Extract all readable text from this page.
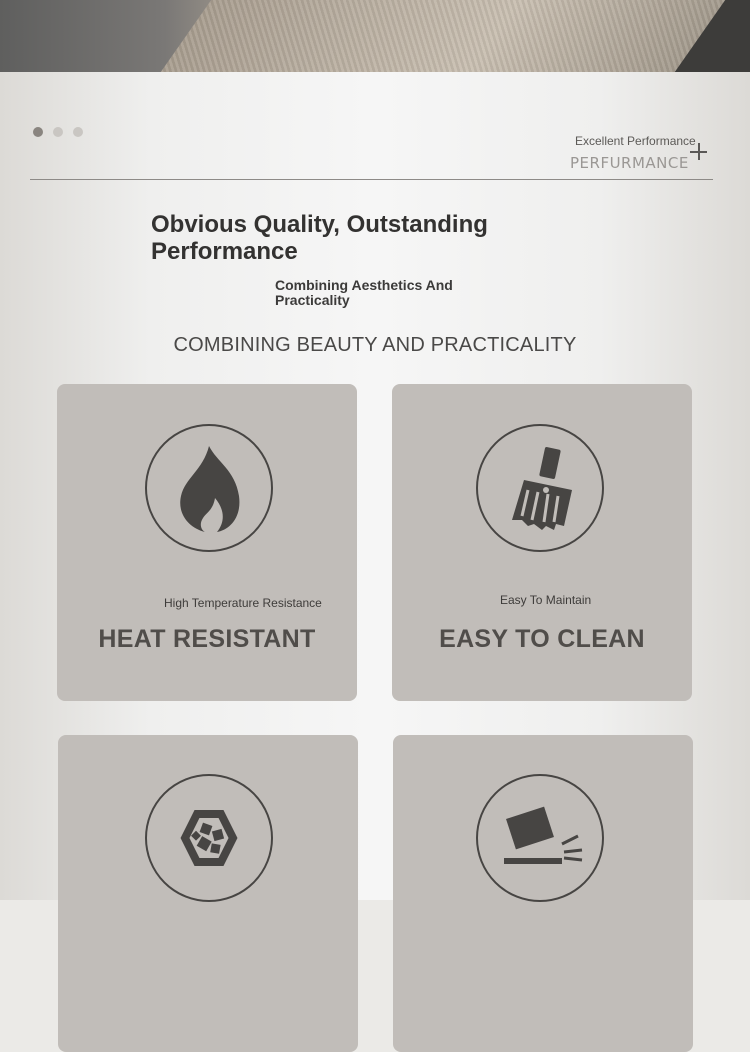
Excellent Performance
PERFURMANCE
Obvious Quality, Outstanding Performance
Combining Aesthetics And Practicality
COMBINING BEAUTY AND PRACTICALITY
High Temperature Resistance
HEAT RESISTANT
Easy To Maintain
EASY TO CLEAN
